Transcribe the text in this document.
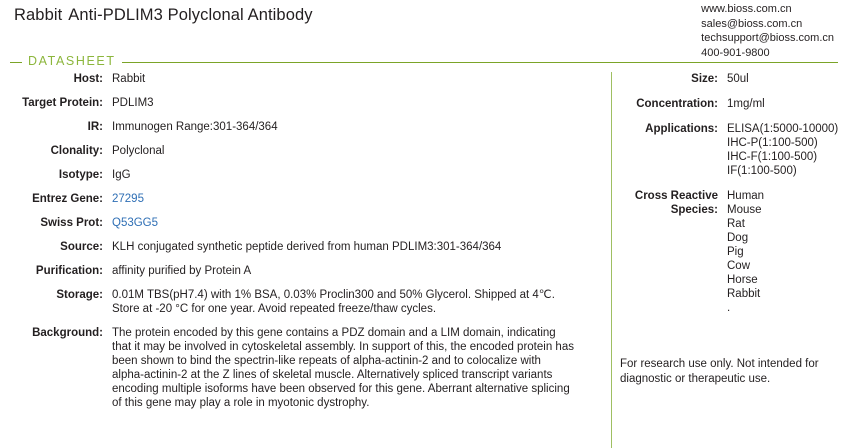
Rabbit Anti-PDLIM3 Polyclonal Antibody	www.bioss.com.cn
sales@bioss.com.cn
techsupport@bioss.com.cn
400-901-9800
DATASHEET
Host: Rabbit
Target Protein: PDLIM3
IR: Immunogen Range:301-364/364
Clonality: Polyclonal
Isotype: IgG
Entrez Gene: 27295
Swiss Prot: Q53GG5
Source: KLH conjugated synthetic peptide derived from human PDLIM3:301-364/364
Purification: affinity purified by Protein A
Storage: 0.01M TBS(pH7.4) with 1% BSA, 0.03% Proclin300 and 50% Glycerol. Shipped at 4℃.
Store at -20 °C for one year. Avoid repeated freeze/thaw cycles.
Background: The protein encoded by this gene contains a PDZ domain and a LIM domain, indicating
that it may be involved in cytoskeletal assembly. In support of this, the encoded protein has
been shown to bind the spectrin-like repeats of alpha-actinin-2 and to colocalize with
alpha-actinin-2 at the Z lines of skeletal muscle. Alternatively spliced transcript variants
encoding multiple isoforms have been observed for this gene. Aberrant alternative splicing
of this gene may play a role in myotonic dystrophy.
Size: 50ul
Concentration: 1mg/ml
Applications: ELISA(1:5000-10000)
IHC-P(1:100-500)
IHC-F(1:100-500)
IF(1:100-500)
Cross Reactive Species:
Human
Mouse
Rat
Dog
Pig
Cow
Horse
Rabbit
.
For research use only. Not intended for diagnostic or therapeutic use.
